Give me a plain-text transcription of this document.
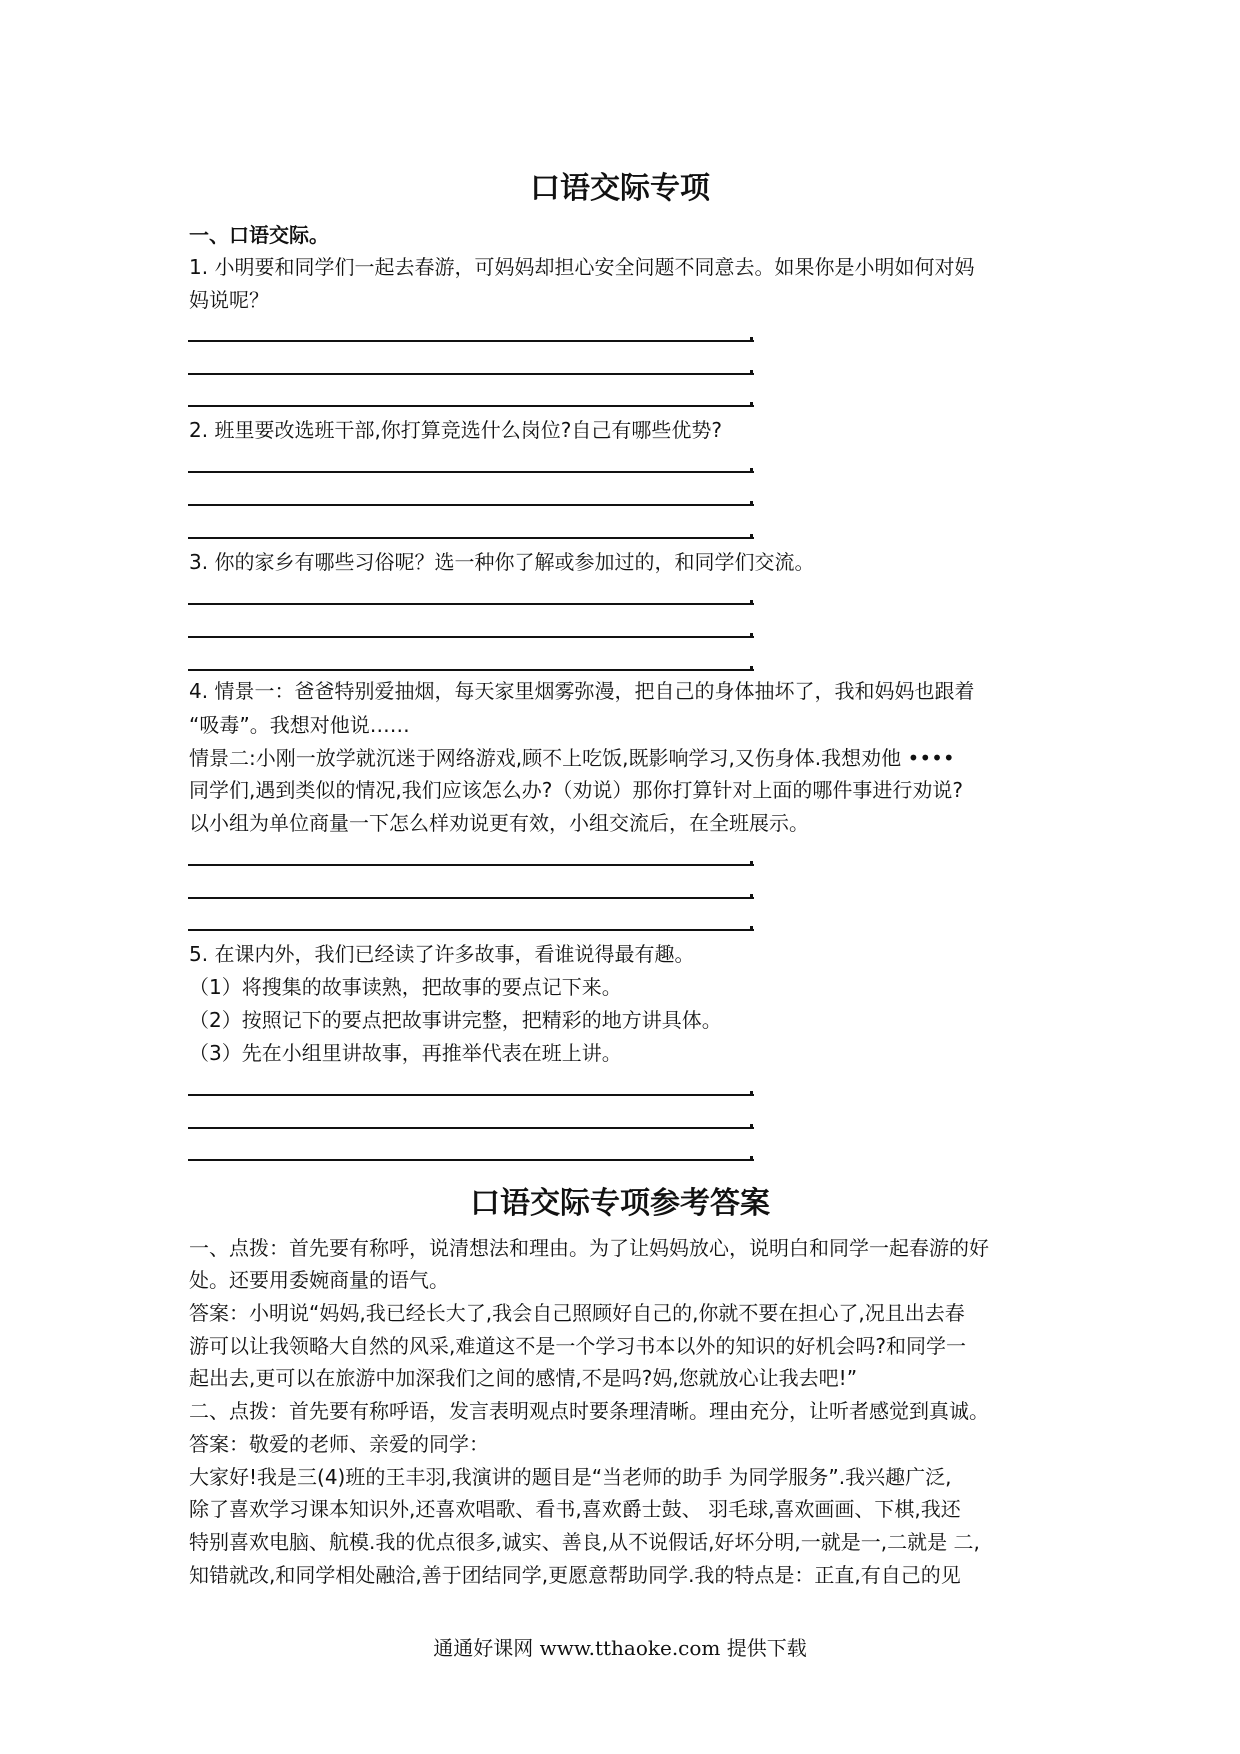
口语交际专项
一、口语交际。
1. 小明要和同学们一起去春游，可妈妈却担心安全问题不同意去。如果你是小明如何对妈
妈说呢？
2. 班里要改选班干部,你打算竞选什么岗位?自己有哪些优势?
3. 你的家乡有哪些习俗呢？选一种你了解或参加过的，和同学们交流。
4. 情景一：爸爸特别爱抽烟，每天家里烟雾弥漫，把自己的身体抽坏了，我和妈妈也跟着
“吸毒”。我想对他说……
情景二:小刚一放学就沉迷于网络游戏,顾不上吃饭,既影响学习,又伤身体.我想劝他 ••••
同学们,遇到类似的情况,我们应该怎么办?（劝说）那你打算针对上面的哪件事进行劝说?
以小组为单位商量一下怎么样劝说更有效，小组交流后，在全班展示。
5. 在课内外，我们已经读了许多故事，看谁说得最有趣。
（1）将搜集的故事读熟，把故事的要点记下来。
（2）按照记下的要点把故事讲完整，把精彩的地方讲具体。
（3）先在小组里讲故事，再推举代表在班上讲。
口语交际专项参考答案
一、点拨：首先要有称呼，说清想法和理由。为了让妈妈放心，说明白和同学一起春游的好
处。还要用委婉商量的语气。
答案：小明说“妈妈,我已经长大了,我会自己照顾好自己的,你就不要在担心了,况且出去春
游可以让我领略大自然的风采,难道这不是一个学习书本以外的知识的好机会吗?和同学一
起出去,更可以在旅游中加深我们之间的感情,不是吗?妈,您就放心让我去吧!”
二、点拨：首先要有称呼语，发言表明观点时要条理清晰。理由充分，让听者感觉到真诚。
答案：敬爱的老师、亲爱的同学：
大家好!我是三(4)班的王丰羽,我演讲的题目是“当老师的助手 为同学服务”.我兴趣广泛,
除了喜欢学习课本知识外,还喜欢唱歌、看书,喜欢爵士鼓、 羽毛球,喜欢画画、下棋,我还
特别喜欢电脑、航模.我的优点很多,诚实、善良,从不说假话,好坏分明,一就是一,二就是 二,
知错就改,和同学相处融洽,善于团结同学,更愿意帮助同学.我的特点是：正直,有自己的见
通通好课网 www.tthaoke.com 提供下载
